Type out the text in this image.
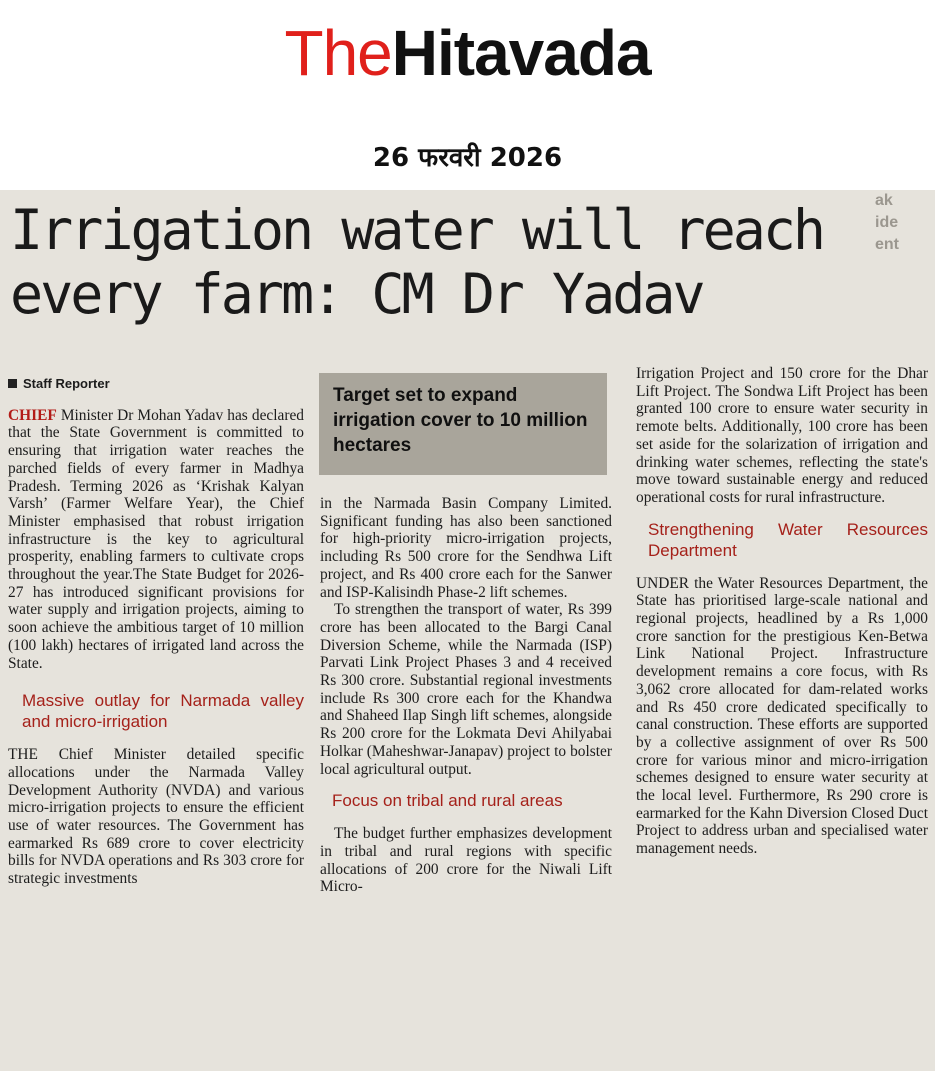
TheHitavada
26 फरवरी 2026
Irrigation water will reach
every farm: CM Dr Yadav
ak
ide
ent
Staff Reporter

CHIEF Minister Dr Mohan Yadav has declared that the State Government is committed to ensuring that irrigation water reaches the parched fields of every farmer in Madhya Pradesh. Terming 2026 as ‘Krishak Kalyan Varsh’ (Farmer Welfare Year), the Chief Minister emphasised that robust irrigation infrastructure is the key to agricultural prosperity, enabling farmers to cultivate crops throughout the year.The State Budget for 2026-27 has introduced significant provisions for water supply and irrigation projects, aiming to soon achieve the ambitious target of 10 million (100 lakh) hectares of irrigated land across the State.

Massive outlay for Narmada valley and micro-irrigation

THE Chief Minister detailed specific allocations under the Narmada Valley Development Authority (NVDA) and various micro-irrigation projects to ensure the efficient use of water resources. The Government has earmarked Rs 689 crore to cover electricity bills for NVDA operations and Rs 303 crore for strategic investments

Target set to expand irrigation cover to 10 million hectares

in the Narmada Basin Company Limited. Significant funding has also been sanctioned for high-priority micro-irrigation projects, including Rs 500 crore for the Sendhwa Lift project, and Rs 400 crore each for the Sanwer and ISP-Kalisindh Phase-2 lift schemes.

To strengthen the transport of water, Rs 399 crore has been allocated to the Bargi Canal Diversion Scheme, while the Narmada (ISP) Parvati Link Project Phases 3 and 4 received Rs 300 crore. Substantial regional investments include Rs 300 crore each for the Khandwa and Shaheed Ilap Singh lift schemes, alongside Rs 200 crore for the Lokmata Devi Ahilyabai Holkar (Maheshwar-Janapav) project to bolster local agricultural output.

Focus on tribal and rural areas

The budget further emphasizes development in tribal and rural regions with specific allocations of 200 crore for the Niwali Lift Micro-

Irrigation Project and 150 crore for the Dhar Lift Project. The Sondwa Lift Project has been granted 100 crore to ensure water security in remote belts. Additionally, 100 crore has been set aside for the solarization of irrigation and drinking water schemes, reflecting the state's move toward sustainable energy and reduced operational costs for rural infrastructure.

Strengthening Water Resources Department

UNDER the Water Resources Department, the State has prioritised large-scale national and regional projects, headlined by a Rs 1,000 crore sanction for the prestigious Ken-Betwa Link National Project. Infrastructure development remains a core focus, with Rs 3,062 crore allocated for dam-related works and Rs 450 crore dedicated specifically to canal construction. These efforts are supported by a collective assignment of over Rs 500 crore for various minor and micro-irrigation schemes designed to ensure water security at the local level. Furthermore, Rs 290 crore is earmarked for the Kahn Diversion Closed Duct Project to address urban and specialised water management needs.
